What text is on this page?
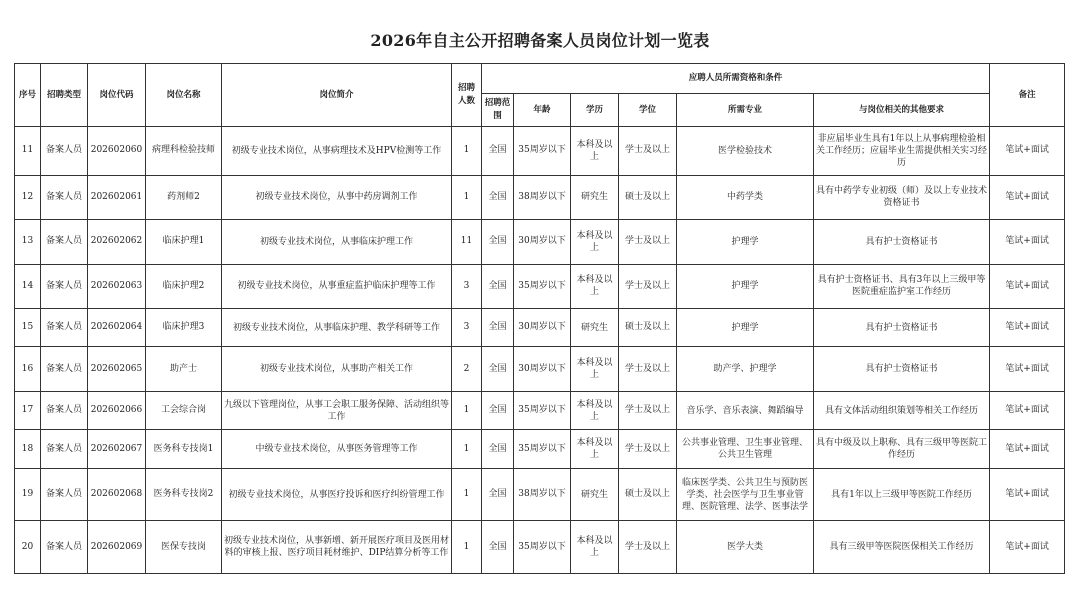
2026年自主公开招聘备案人员岗位计划一览表
序号	招聘类型	岗位代码	岗位名称	岗位简介	招聘人数	应聘人员所需资格和条件						备注
						招聘范围	年龄	学历	学位	所需专业	与岗位相关的其他要求	
11	备案人员	202602060	病理科检验技师	初级专业技术岗位，从事病理技术及HPV检测等工作	1	全国	35周岁以下	本科及以上	学士及以上	医学检验技术	非应届毕业生具有1年以上从事病理检验相关工作经历；应届毕业生需提供相关实习经历	笔试+面试
12	备案人员	202602061	药剂师2	初级专业技术岗位，从事中药房调剂工作	1	全国	38周岁以下	研究生	硕士及以上	中药学类	具有中药学专业初级（师）及以上专业技术资格证书	笔试+面试
13	备案人员	202602062	临床护理1	初级专业技术岗位，从事临床护理工作	11	全国	30周岁以下	本科及以上	学士及以上	护理学	具有护士资格证书	笔试+面试
14	备案人员	202602063	临床护理2	初级专业技术岗位，从事重症监护临床护理等工作	3	全国	35周岁以下	本科及以上	学士及以上	护理学	具有护士资格证书、具有3年以上三级甲等医院重症监护室工作经历	笔试+面试
15	备案人员	202602064	临床护理3	初级专业技术岗位，从事临床护理、教学科研等工作	3	全国	30周岁以下	研究生	硕士及以上	护理学	具有护士资格证书	笔试+面试
16	备案人员	202602065	助产士	初级专业技术岗位，从事助产相关工作	2	全国	30周岁以下	本科及以上	学士及以上	助产学、护理学	具有护士资格证书	笔试+面试
17	备案人员	202602066	工会综合岗	九级以下管理岗位，从事工会职工服务保障、活动组织等工作	1	全国	35周岁以下	本科及以上	学士及以上	音乐学、音乐表演、舞蹈编导	具有文体活动组织策划等相关工作经历	笔试+面试
18	备案人员	202602067	医务科专技岗1	中级专业技术岗位，从事医务管理等工作	1	全国	35周岁以下	本科及以上	学士及以上	公共事业管理、卫生事业管理、公共卫生管理	具有中级及以上职称、具有三级甲等医院工作经历	笔试+面试
19	备案人员	202602068	医务科专技岗2	初级专业技术岗位，从事医疗投诉和医疗纠纷管理工作	1	全国	38周岁以下	研究生	硕士及以上	临床医学类、公共卫生与预防医学类、社会医学与卫生事业管理、医院管理、法学、医事法学	具有1年以上三级甲等医院工作经历	笔试+面试
20	备案人员	202602069	医保专技岗	初级专业技术岗位，从事新增、新开展医疗项目及医用材料的审核上报、医疗项目耗材维护、DIP结算分析等工作	1	全国	35周岁以下	本科及以上	学士及以上	医学大类	具有三级甲等医院医保相关工作经历	笔试+面试
